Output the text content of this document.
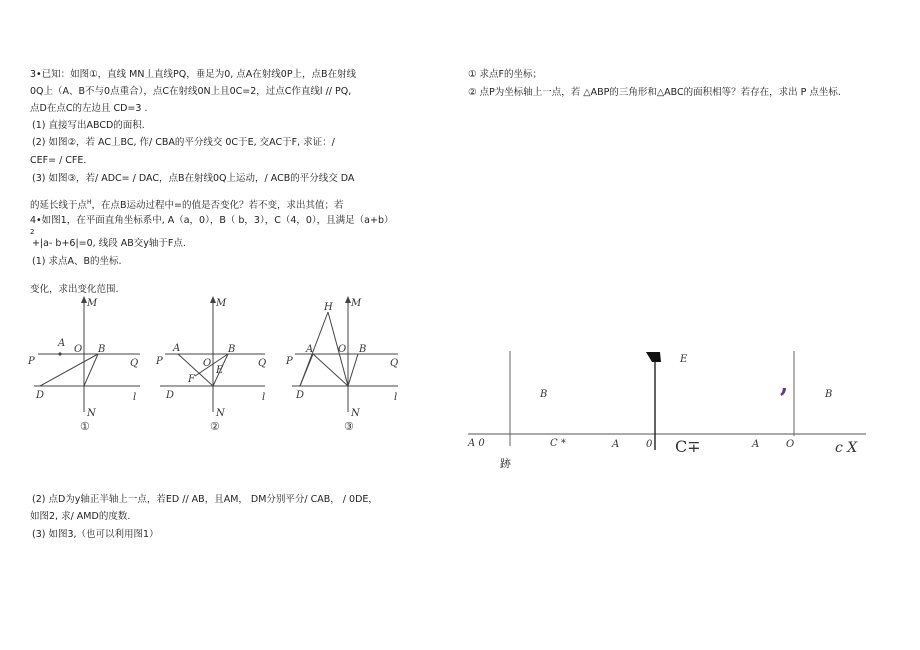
3•已知：如图①，直线 MN丄直线PQ，垂足为0, 点A在射线0P上，点B在射线
0Q上（A、B不与0点重合），点C在射线0N上且0C=2，过点C作直线l // PQ,
点D在点C的左边且 CD=3 .
(1) 直接写出ABCD的面积.
(2) 如图②，若 AC丄BC, 作/ CBA的平分线交 0C于E, 交AC于F, 求证：/
CEF= / CFE.
(3) 如图③，若/ ADC= / DAC，点B在射线0Q上运动，/ ACB的平分线交 DA
的延长线于点$^H$，在点B运动过程中=的值是否变化？若不变，求出其值；若
4•如图1，在平面直角坐标系中, A（a，0），B（ b，3），C（4，0），且满足（a+b）
2
+|a- b+6|=0, 线段 AB交y轴于F点.
(1) 求点A、B的坐标.
变化，求出变化范围.
(2) 点D为y轴正半轴上一点，若ED // AB，且AM， DM分别平分/ CAB， / 0DE，
如图2, 求/ AMD的度数.
(3) 如图3,（也可以利用图1）
M
P
A
O B
Q
D	l
N
M
P
A
O
B
Q
E
F
D	l
N
M
H
P
A O B
Q
D	l
N
①	②	③
E
B	B
A 0	C *	A	0	A	O
C∓	c X
,
跡
① 求点F的坐标；
② 点P为坐标轴上一点，若 △ABP的三角形和△ABC的面积相等？若存在，求出 P 点坐标.
